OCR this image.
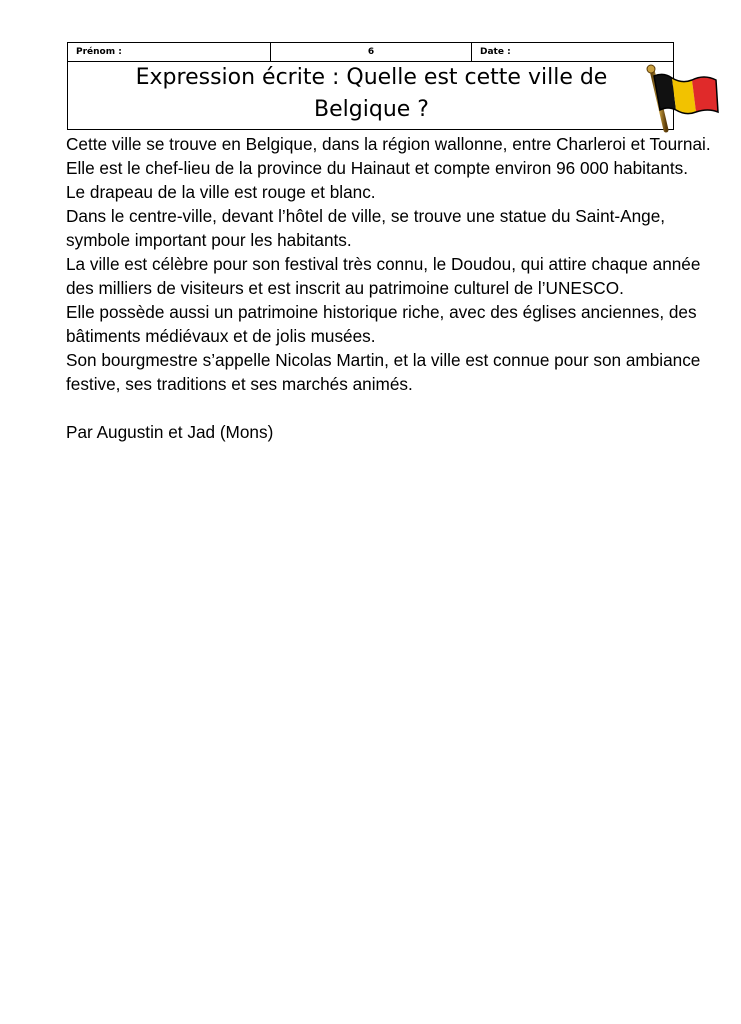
Prénom :	6	Date :
Expression écrite : Quelle est cette ville de Belgique ?

Cette ville se trouve en Belgique, dans la région wallonne, entre Charleroi et Tournai.

Elle est le chef-lieu de la province du Hainaut et compte environ 96 000 habitants.

Le drapeau de la ville est rouge et blanc.

Dans le centre-ville, devant l’hôtel de ville, se trouve une statue du Saint-Ange, symbole important pour les habitants.

La ville est célèbre pour son festival très connu, le Doudou, qui attire chaque année des milliers de visiteurs et est inscrit au patrimoine culturel de l’UNESCO.

Elle possède aussi un patrimoine historique riche, avec des églises anciennes, des bâtiments médiévaux et de jolis musées.

Son bourgmestre s’appelle Nicolas Martin, et la ville est connue pour son ambiance festive, ses traditions et ses marchés animés.

Par Augustin et Jad (Mons)
